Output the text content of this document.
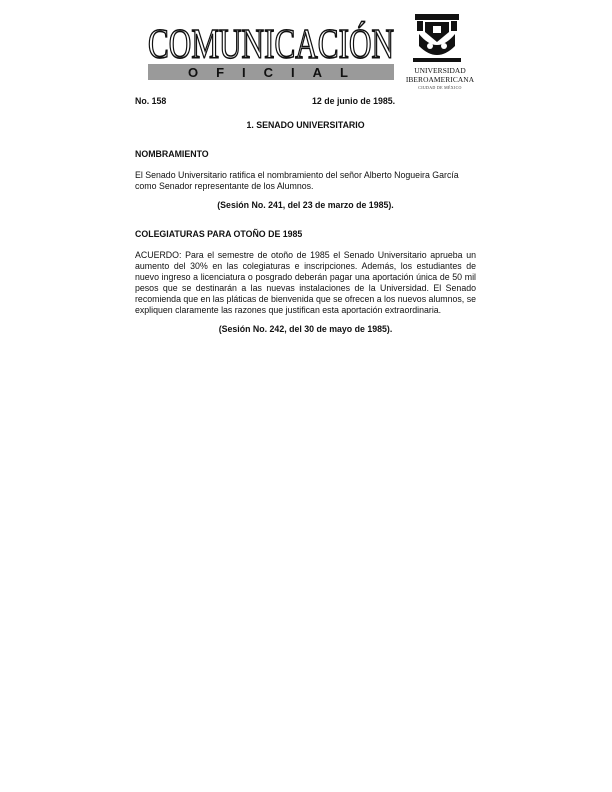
COMUNICACIÓN
OFICIAL	UNIVERSIDAD
IBEROAMERICANA
CIUDAD DE MÉXICO
No. 158	12 de junio de 1985.
1. SENADO UNIVERSITARIO
NOMBRAMIENTO

El Senado Universitario ratifica el nombramiento del señor Alberto Nogueira García como Senador representante de los Alumnos.

(Sesión No. 241, del 23 de marzo de 1985).
COLEGIATURAS PARA OTOÑO DE 1985

ACUERDO: Para el semestre de otoño de 1985 el Senado Universitario aprueba un aumento del 30% en las colegiaturas e inscripciones. Además, los estudiantes de nuevo ingreso a licenciatura o posgrado deberán pagar una aportación única de 50 mil pesos que se destinarán a las nuevas instalaciones de la Universidad. El Senado recomienda que en las pláticas de bienvenida que se ofrecen a los nuevos alumnos, se expliquen claramente las razones que justifican esta aportación extraordinaria.

(Sesión No. 242, del 30 de mayo de 1985).
